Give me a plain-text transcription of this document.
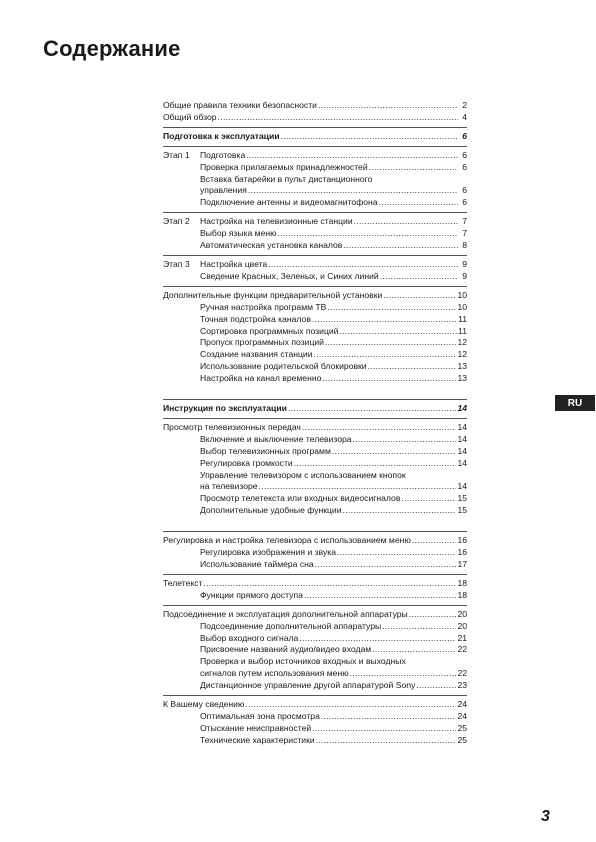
Содержание
Общие правила техники безопасности .....	2
Общий обзор .....	4
Подготовка к эксплуатации .....	6
Этап 1	Подготовка .....	6
Проверка прилагаемых принадлежностей .....	6
Вставка батарейки в пульт дистанционного
управления .....	6
Подключение антенны и видеомагнитофона .....	6
Этап 2	Настройка на телевизионные станции .....	7
Выбор языка меню .....	7
Автоматическая установка каналов .....	8
Этап 3	Настройка цвета .....	9
Сведение Красных, Зеленых, и Синих линий .....	9
Дополнительные функции предварительной установки .....	10
Ручная настройка программ ТВ .....	10
Точная подстройка каналов .....	11
Сортировка программных позиций .....	11
Пропуск программных позиций .....	12
Создание названия станции .....	12
Использование родительской блокировки .....	13
Настройка на канал временно .....	13
Инструкция по эксплуатации .....	14
Просмотр телевизионных передач .....	14
Включение и выключение телевизора .....	14
Выбор телевизионных программ .....	14
Регулировка громкости .....	14
Управление телевизором с использованием кнопок
на телевизоре .....	14
Просмотр телетекста или входных видеосигналов .....	15
Дополнительные удобные функции .....	15
Регулировка и настройка телевизора с использованием меню .....	16
Регулировка изображения и звука .....	16
Использование таймера сна .....	17
Телетекст .....	18
Функции прямого доступа .....	18
Подсоединение и эксплуатация дополнительной аппаратуры .....	20
Подсоединение дополнительной аппаратуры .....	20
Выбор входного сигнала .....	21
Присвоение названий аудио/видео входам .....	22
Проверка и выбор источников входных и выходных
сигналов путем использования меню .....	22
Дистанционное управление другой аппаратурой Sony .....	23
К Вашему сведению .....	24
Оптимальная зона просмотра .....	24
Отыскание неисправностей .....	25
Технические характеристики .....	25
RU
3
